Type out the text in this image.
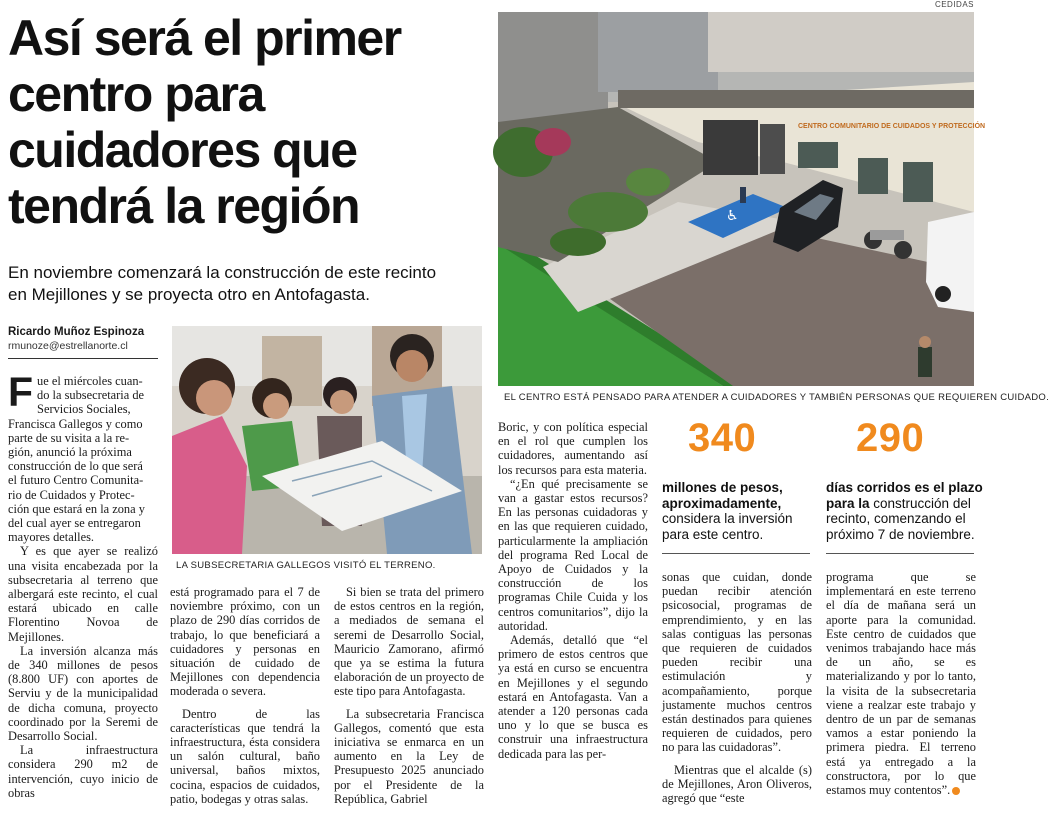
Así será el primer
centro para
cuidadores que
tendrá la región
En noviembre comenzará la construcción de este recinto
en Mejillones y se proyecta otro en Antofagasta.
Ricardo Muñoz Espinoza
rmunoze@estrellanorte.cl
CEDIDAS
CENTRO COMUNITARIO DE CUIDADOS Y PROTECCIÓN
♿
EL CENTRO ESTÁ PENSADO PARA ATENDER A CUIDADORES Y TAMBIÉN PERSONAS QUE REQUIEREN CUIDADO.
LA SUBSECRETARIA GALLEGOS VISITÓ EL TERRENO.
F ue el miércoles cuan-
do la subsecretaria de
Servicios Sociales,
Francisca Gallegos y como
parte de su visita a la re-
gión, anunció la próxima
construcción de lo que será
el futuro Centro Comunita-
rio de Cuidados y Protec-
ción que estará en la zona y
del cual ayer se entregaron
mayores detalles.

Y es que ayer se realizó una visita encabezada por la subsecretaria al terreno que albergará este recinto, el cual estará ubicado en calle Florentino Novoa de Mejillones.

La inversión alcanza más de 340 millones de pesos (8.800 UF) con aportes de Serviu y de la municipalidad de dicha comuna, proyecto coordinado por la Seremi de Desarrollo Social.

La infraestructura considera 290 m2 de intervención, cuyo inicio de obras

está programado para el 7 de noviembre próximo, con un plazo de 290 días corridos de trabajo, lo que beneficiará a cuidadores y personas en situación de cuidado de Mejillones con dependencia moderada o severa.

Dentro de las características que tendrá la infraestructura, ésta considera un salón cultural, baño universal, baños mixtos, cocina, espacios de cuidados, patio, bodegas y otras salas.

Si bien se trata del primero de estos centros en la región, a mediados de semana el seremi de Desarrollo Social, Mauricio Zamorano, afirmó que ya se estima la futura elaboración de un proyecto de este tipo para Antofagasta.

La subsecretaria Francisca Gallegos, comentó que esta iniciativa se enmarca en un aumento en la Ley de Presupuesto 2025 anunciado por el Presidente de la República, Gabriel

Boric, y con política especial en el rol que cumplen los cuidadores, aumentando así los recursos para esta materia.

“¿En qué precisamente se van a gastar estos recursos? En las personas cuidadoras y en las que requieren cuidado, particularmente la ampliación del programa Red Local de Apoyo de Cuidados y la construcción de los programas Chile Cuida y los centros comunitarios”, dijo la autoridad.

Además, detalló que “el primero de estos centros que ya está en curso se encuentra en Mejillones y el segundo estará en Antofagasta. Van a atender a 120 personas cada uno y lo que se busca es construir una infraestructura dedicada para las per-

340
millones de pesos,
aproximadamente,
considera la inversión
para este centro.
290
días corridos es el plazo
para la construcción del
recinto, comenzando el
próximo 7 de noviembre.

sonas que cuidan, donde puedan recibir atención psicosocial, programas de emprendimiento, y en las salas contiguas las personas que requieren de cuidados pueden recibir una estimulación y acompañamiento, porque justamente muchos centros están destinados para quienes requieren de cuidados, pero no para las cuidadoras”.

Mientras que el alcalde (s) de Mejillones, Aron Oliveros, agregó que “este

programa que se implementará en este terreno el día de mañana será un aporte para la comunidad. Este centro de cuidados que venimos trabajando hace más de un año, se es materializando y por lo tanto, la visita de la subsecretaria viene a realzar este trabajo y dentro de un par de semanas vamos a estar poniendo la primera piedra. El terreno está ya entregado a la constructora, por lo que estamos muy contentos”.
